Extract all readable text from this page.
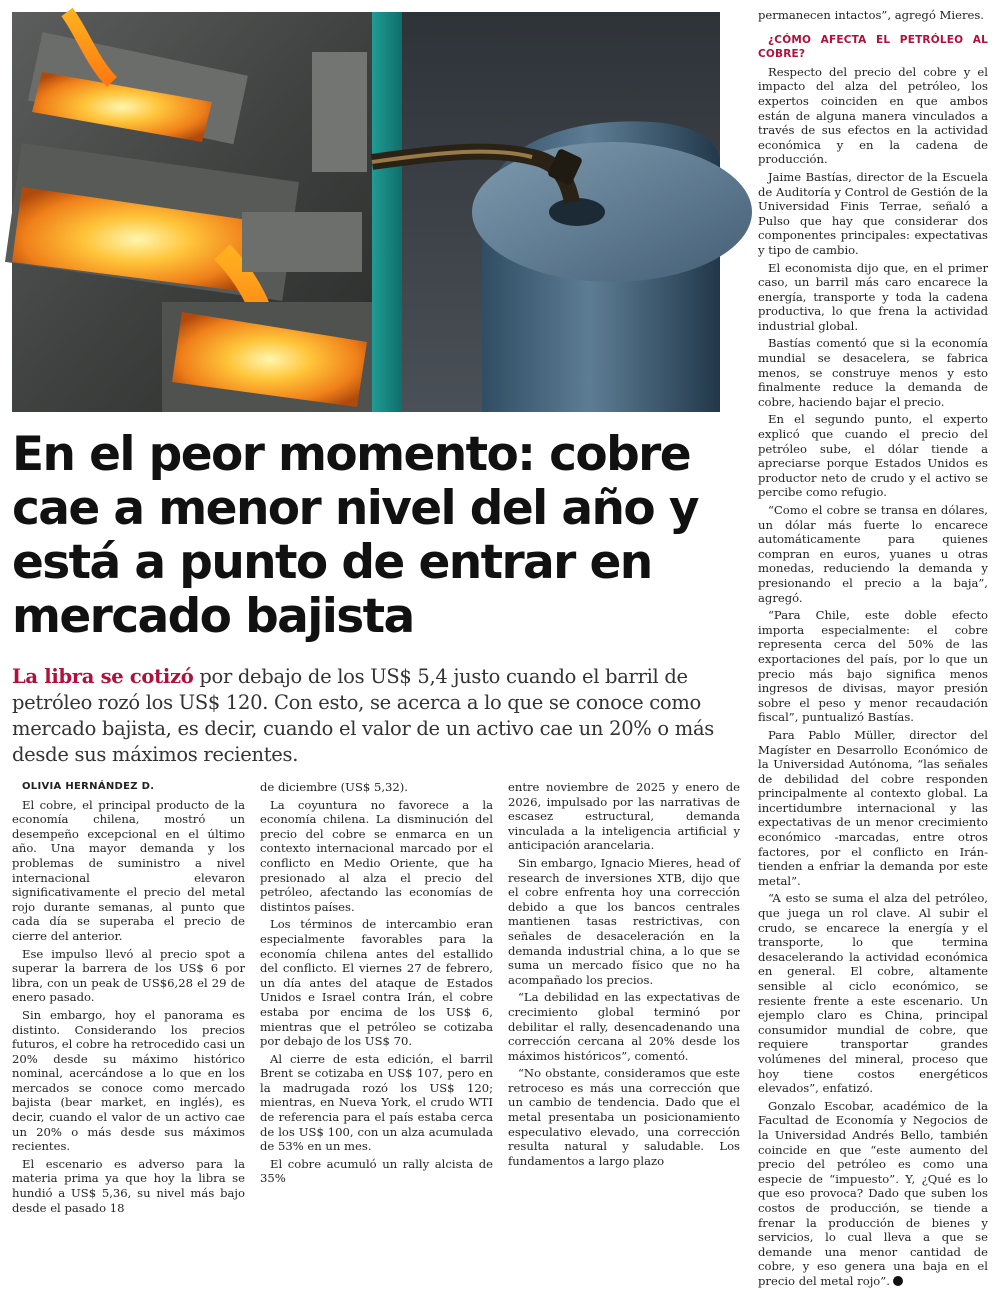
En el peor momento: cobre cae a menor nivel del año y está a punto de entrar en mercado bajista

La libra se cotizó por debajo de los US$ 5,4 justo cuando el barril de petróleo rozó los US$ 120. Con esto, se acerca a lo que se conoce como mercado bajista, es decir, cuando el valor de un activo cae un 20% o más desde sus máximos recientes.

OLIVIA HERNÁNDEZ D.

El cobre, el principal producto de la economía chilena, mostró un desempeño excepcional en el último año. Una mayor demanda y los problemas de suministro a nivel internacional elevaron significativamente el precio del metal rojo durante semanas, al punto que cada día se superaba el precio de cierre del anterior.

Ese impulso llevó al precio spot a superar la barrera de los US$ 6 por libra, con un peak de US$6,28 el 29 de enero pasado.

Sin embargo, hoy el panorama es distinto. Considerando los precios futuros, el cobre ha retrocedido casi un 20% desde su máximo histórico nominal, acercándose a lo que en los mercados se conoce como mercado bajista (bear market, en inglés), es decir, cuando el valor de un activo cae un 20% o más desde sus máximos recientes.

El escenario es adverso para la materia prima ya que hoy la libra se hundió a US$ 5,36, su nivel más bajo desde el pasado 18

de diciembre (US$ 5,32).

La coyuntura no favorece a la economía chilena. La disminución del precio del cobre se enmarca en un contexto internacional marcado por el conflicto en Medio Oriente, que ha presionado al alza el precio del petróleo, afectando las economías de distintos países.

Los términos de intercambio eran especialmente favorables para la economía chilena antes del estallido del conflicto. El viernes 27 de febrero, un día antes del ataque de Estados Unidos e Israel contra Irán, el cobre estaba por encima de los US$ 6, mientras que el petróleo se cotizaba por debajo de los US$ 70.

Al cierre de esta edición, el barril Brent se cotizaba en US$ 107, pero en la madrugada rozó los US$ 120; mientras, en Nueva York, el crudo WTI de referencia para el país estaba cerca de los US$ 100, con un alza acumulada de 53% en un mes.

El cobre acumuló un rally alcista de 35%

entre noviembre de 2025 y enero de 2026, impulsado por las narrativas de escasez estructural, demanda vinculada a la inteligencia artificial y anticipación arancelaria.

Sin embargo, Ignacio Mieres, head of research de inversiones XTB, dijo que el cobre enfrenta hoy una corrección debido a que los bancos centrales mantienen tasas restrictivas, con señales de desaceleración en la demanda industrial china, a lo que se suma un mercado físico que no ha acompañado los precios.

“La debilidad en las expectativas de crecimiento global terminó por debilitar el rally, desencadenando una corrección cercana al 20% desde los máximos históricos”, comentó.

“No obstante, consideramos que este retroceso es más una corrección que un cambio de tendencia. Dado que el metal presentaba un posicionamiento especulativo elevado, una corrección resulta natural y saludable. Los fundamentos a largo plazo

permanecen intactos”, agregó Mieres.

¿CÓMO AFECTA EL PETRÓLEO AL COBRE?

Respecto del precio del cobre y el impacto del alza del petróleo, los expertos coinciden en que ambos están de alguna manera vinculados a través de sus efectos en la actividad económica y en la cadena de producción.

Jaime Bastías, director de la Escuela de Auditoría y Control de Gestión de la Universidad Finis Terrae, señaló a Pulso que hay que considerar dos componentes principales: expectativas y tipo de cambio.

El economista dijo que, en el primer caso, un barril más caro encarece la energía, transporte y toda la cadena productiva, lo que frena la actividad industrial global.

Bastías comentó que si la economía mundial se desacelera, se fabrica menos, se construye menos y esto finalmente reduce la demanda de cobre, haciendo bajar el precio.

En el segundo punto, el experto explicó que cuando el precio del petróleo sube, el dólar tiende a apreciarse porque Estados Unidos es productor neto de crudo y el activo se percibe como refugio.

“Como el cobre se transa en dólares, un dólar más fuerte lo encarece automáticamente para quienes compran en euros, yuanes u otras monedas, reduciendo la demanda y presionando el precio a la baja”, agregó.

“Para Chile, este doble efecto importa especialmente: el cobre representa cerca del 50% de las exportaciones del país, por lo que un precio más bajo significa menos ingresos de divisas, mayor presión sobre el peso y menor recaudación fiscal”, puntualizó Bastías.

Para Pablo Müller, director del Magíster en Desarrollo Económico de la Universidad Autónoma, “las señales de debilidad del cobre responden principalmente al contexto global. La incertidumbre internacional y las expectativas de un menor crecimiento económico -marcadas, entre otros factores, por el conflicto en Irán- tienden a enfriar la demanda por este metal”.

“A esto se suma el alza del petróleo, que juega un rol clave. Al subir el crudo, se encarece la energía y el transporte, lo que termina desacelerando la actividad económica en general. El cobre, altamente sensible al ciclo económico, se resiente frente a este escenario. Un ejemplo claro es China, principal consumidor mundial de cobre, que requiere transportar grandes volúmenes del mineral, proceso que hoy tiene costos energéticos elevados”, enfatizó.

Gonzalo Escobar, académico de la Facultad de Economía y Negocios de la Universidad Andrés Bello, también coincide en que “este aumento del precio del petróleo es como una especie de “impuesto”. Y, ¿Qué es lo que eso provoca? Dado que suben los costos de producción, se tiende a frenar la producción de bienes y servicios, lo cual lleva a que se demande una menor cantidad de cobre, y eso genera una baja en el precio del metal rojo”.
